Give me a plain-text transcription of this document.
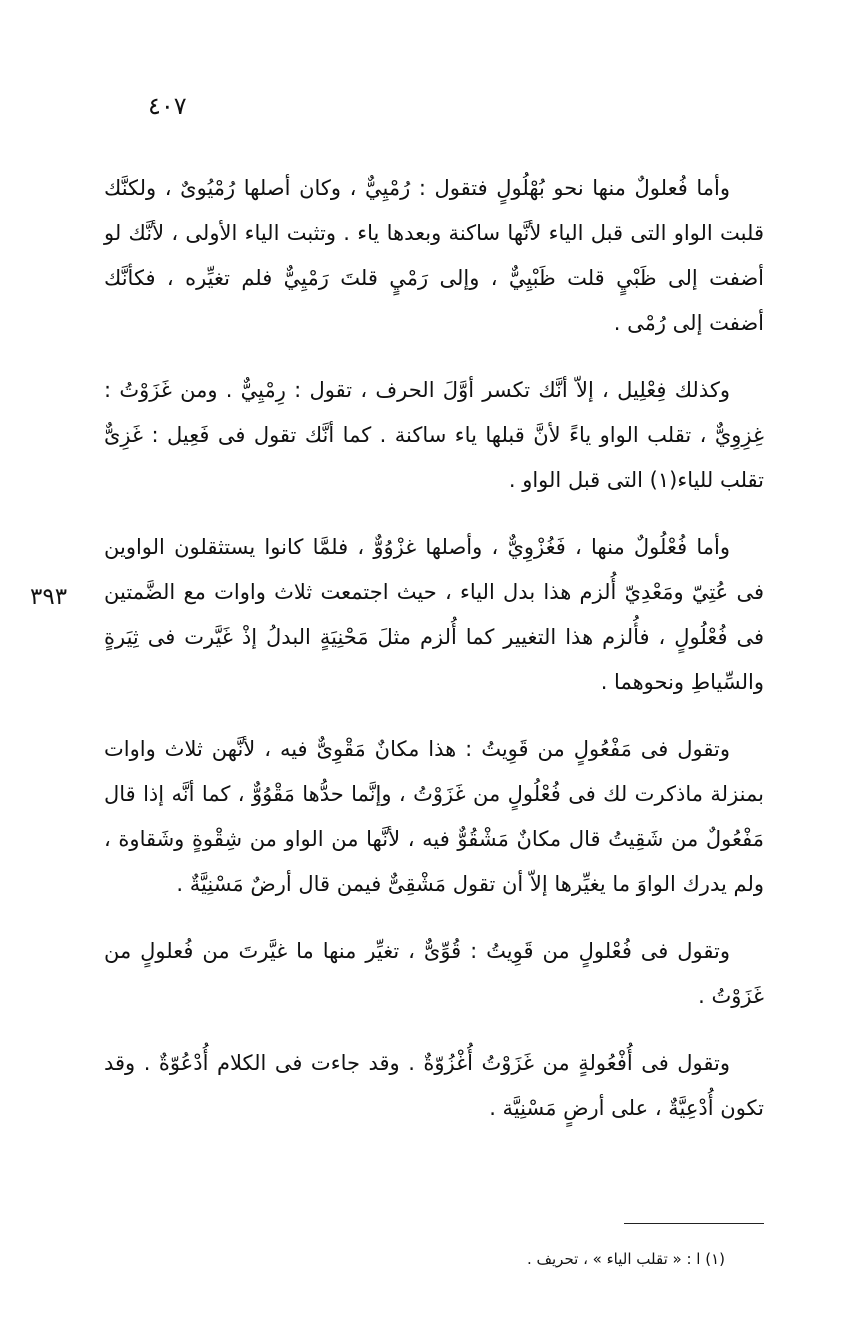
٤٠٧
٣٩٣

وأما فُعلولٌ منها نحو بُهْلُولٍ فتقول : رُمْيِيٌّ ، وكان أصلها رُمْيُوىٌ ، ولكنَّك قلبت الواو التى قبل الياء لأنَّها ساكنة وبعدها ياء . وتثبت الياء الأولى ، لأنَّك لو أضفت إلى ظَبْيٍ قلت ظَبْيِيٌّ ، وإلى رَمْيٍ قلتَ رَمْيِيٌّ فلم تغيِّره ، فكأنَّك أضفت إلى رُمْى .

وكذلك فِعْلِيل ، إلاّ أنَّك تكسر أوَّلَ الحرف ، تقول : رِمْيِيٌّ . ومن غَزَوْتُ : غِزِوِيٌّ ، تقلب الواو ياءً لأنَّ قبلها ياء ساكنة . كما أنَّك تقول فى فَعِيل : غَزِىٌّ تقلب للياء(١) التى قبل الواو .

وأما فُعْلُولٌ منها ، فَغُزْوِيٌّ ، وأصلها غزْوُوٌّ ، فلمَّا كانوا يستثقلون الواوين فى عُتِيّ ومَعْدِيّ أُلزم هذا بدل الياء ، حيث اجتمعت ثلاث واوات مع الضَّمتين فى فُعْلُولٍ ، فأُلزم هذا التغيير كما أُلزم مثلَ مَحْنِيَةٍ البدلُ إذْ غَيَّرت فى ثِيَرةٍ والسِّياطِ ونحوهما .

وتقول فى مَفْعُولٍ من قَوِيتُ : هذا مكانٌ مَقْوِىٌّ فيه ، لأنَّهن ثلاث واوات بمنزلة ماذكرت لك فى فُعْلُولٍ من غَزَوْتُ ، وإنَّما حدُّها مَقْوُوٌّ ، كما أنَّه إذا قال مَفْعُولٌ من شَقِيتُ قال مكانٌ مَشْقُوٌّ فيه ، لأنَّها من الواو من شِقْوةٍ وشَقاوة ، ولم يدرك الواوَ ما يغيِّرها إلاّ أن تقول مَشْقِىٌّ فيمن قال أرضٌ مَسْنِيَّةٌ .

وتقول فى فُعْلولٍ من قَوِيتُ : قُوِّىٌّ ، تغيِّر منها ما غيَّرتَ من فُعلولٍ من غَزَوْتُ .

وتقول فى أُفْعُولةٍ من غَزَوْتُ أُغْزُوّةٌ . وقد جاءت فى الكلام أُدْعُوّةٌ . وقد تكون أُدْعِيَّةٌ ، على أرضٍ مَسْنِيَّة .

(١) ا : « تقلب الياء » ، تحريف .
